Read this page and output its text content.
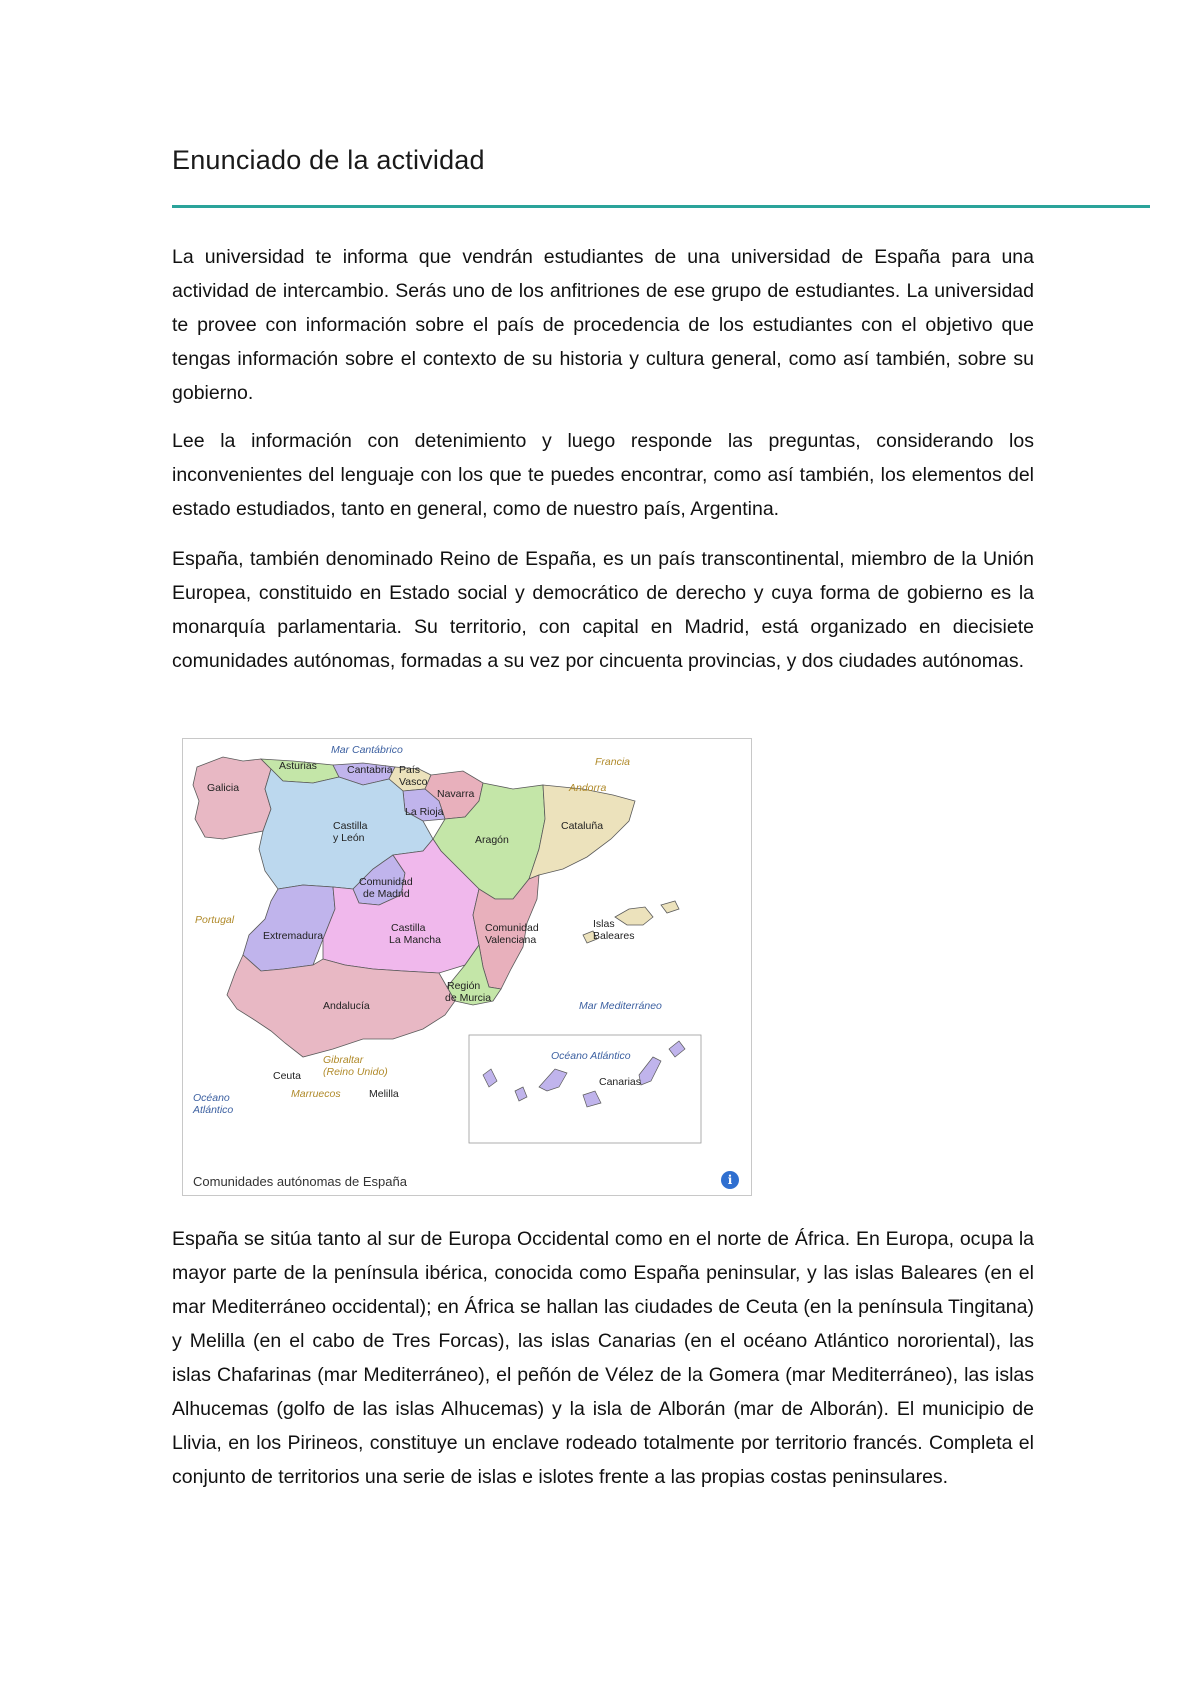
Enunciado de la actividad

La universidad te informa que vendrán estudiantes de una universidad de España para una actividad de intercambio. Serás uno de los anfitriones de ese grupo de estudiantes. La universidad te provee con información sobre el país de procedencia de los estudiantes con el objetivo que tengas información sobre el contexto de su historia y cultura general, como así también, sobre su gobierno.

Lee la información con detenimiento y luego responde las preguntas, considerando los inconvenientes del lenguaje con los que te puedes encontrar, como así también, los elementos del estado estudiados, tanto en general, como de nuestro país, Argentina.

España, también denominado Reino de España, es un país transcontinental, miembro de la Unión Europea, constituido en Estado social y democrático de derecho y cuya forma de gobierno es la monarquía parlamentaria. Su territorio, con capital en Madrid, está organizado en diecisiete comunidades autónomas, formadas a su vez por cincuenta provincias, y dos ciudades autónomas.

Mar Cantábrico
Francia
Andorra
Galicia
Asturias	Cantabria País
Vasco
Navarra
La Rioja
Castilla
y León	Aragón
Cataluña
Comunidad
de Madrid
Portugal
Extremadura
Castilla
La Mancha
Comunidad
Valenciana
Islas
Baleares
Región
de Murcia
Mar Mediterráneo
Andalucía
Gibraltar
(Reino Unido)
Ceuta
Marruecos	Melilla
Océano
Atlántico
Océano Atlántico
Canarias
Comunidades autónomas de España	i

España se sitúa tanto al sur de Europa Occidental como en el norte de África. En Europa, ocupa la mayor parte de la península ibérica, conocida como España peninsular, y las islas Baleares (en el mar Mediterráneo occidental); en África se hallan las ciudades de Ceuta (en la península Tingitana) y Melilla (en el cabo de Tres Forcas), las islas Canarias (en el océano Atlántico nororiental), las islas Chafarinas (mar Mediterráneo), el peñón de Vélez de la Gomera (mar Mediterráneo), las islas Alhucemas (golfo de las islas Alhucemas) y la isla de Alborán (mar de Alborán). El municipio de Llivia, en los Pirineos, constituye un enclave rodeado totalmente por territorio francés. Completa el conjunto de territorios una serie de islas e islotes frente a las propias costas peninsulares.
